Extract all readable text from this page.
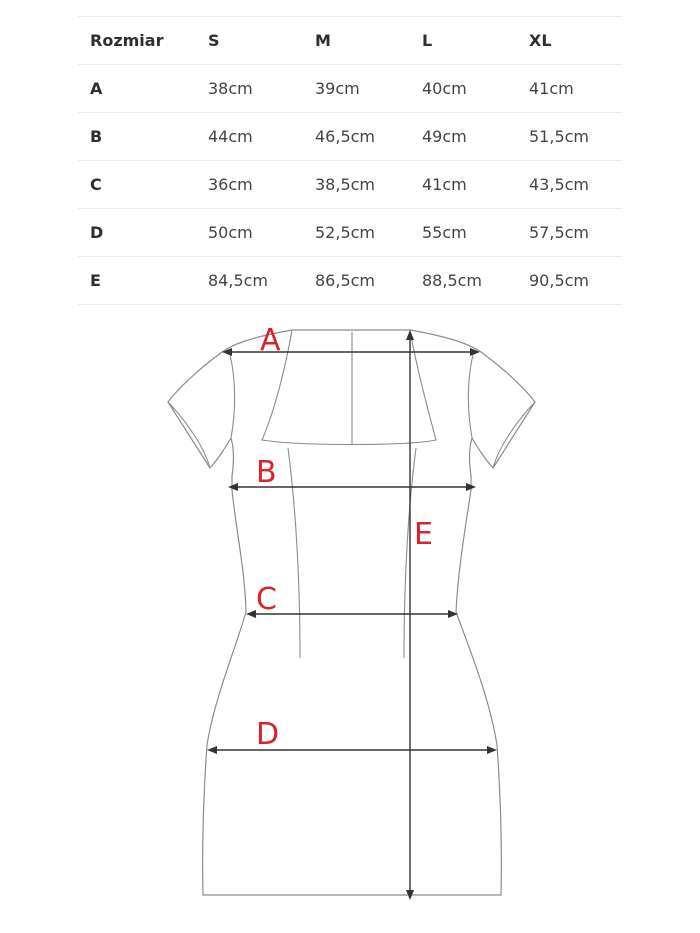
Rozmiar	S	M	L	XL
A	38cm	39cm	40cm	41cm
B	44cm	46,5cm	49cm	51,5cm
C	36cm	38,5cm	41cm	43,5cm
D	50cm	52,5cm	55cm	57,5cm
E	84,5cm	86,5cm	88,5cm	90,5cm
A
B
C
D
E
